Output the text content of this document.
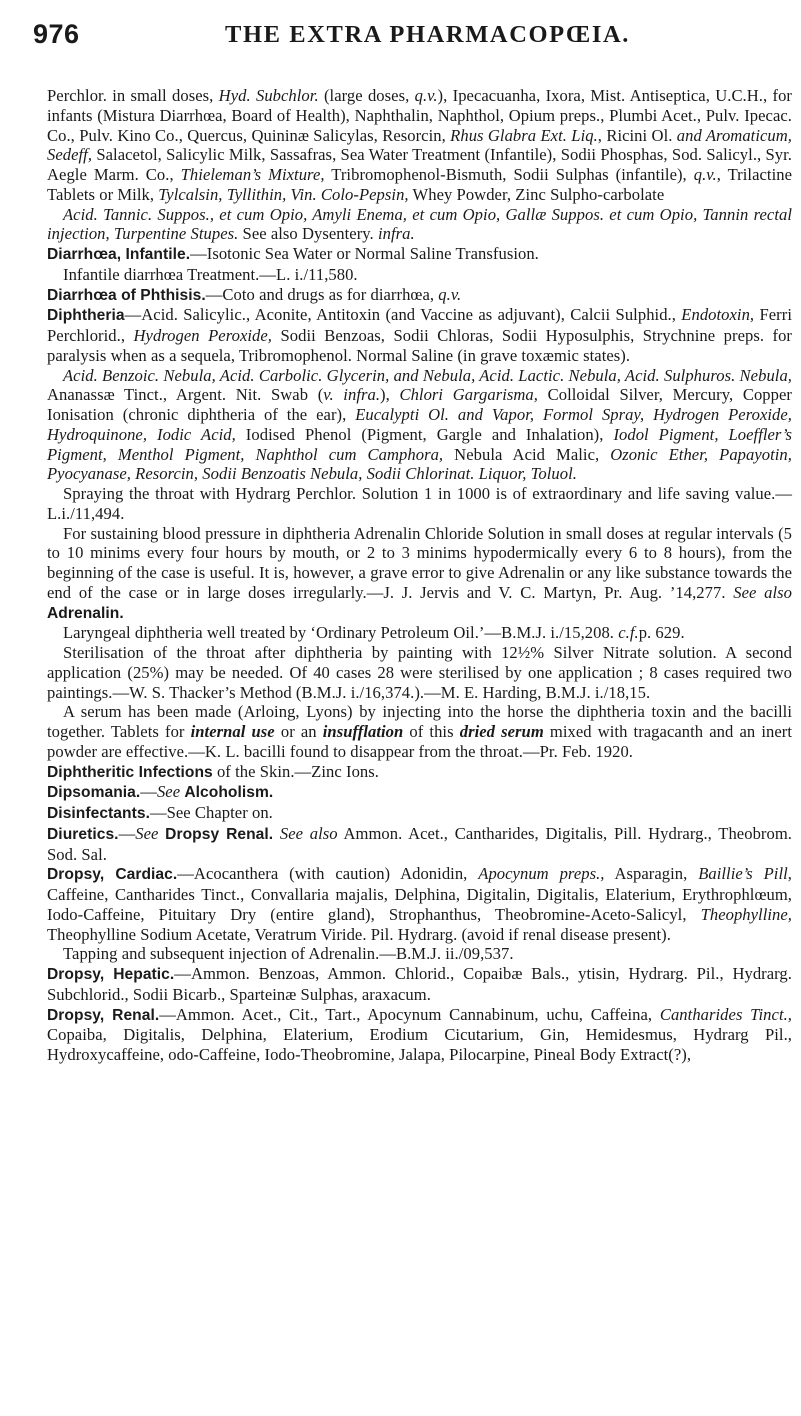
976	THE EXTRA PHARMACOPŒIA.

Perchlor. in small doses, Hyd. Subchlor. (large doses, q.v.), Ipecacuanha, Ixora, Mist. Antiseptica, U.C.H., for infants (Mistura Diarrhœa, Board of Health), Naphthalin, Naphthol, Opium preps., Plumbi Acet., Pulv. Ipecac. Co., Pulv. Kino Co., Quercus, Quininæ Salicylas, Resorcin, Rhus Glabra Ext. Liq., Ricini Ol. and Aromaticum, Sedeff, Salacetol, Salicylic Milk, Sassafras, Sea Water Treatment (Infantile), Sodii Phosphas, Sod. Salicyl., Syr. Aegle Marm. Co., Thieleman’s Mixture, Tribromophenol-Bismuth, Sodii Sulphas (infantile), q.v., Trilactine Tablets or Milk, Tylcalsin, Tyllithin, Vin. Colo-Pepsin, Whey Powder, Zinc Sulpho-carbolate

Acid. Tannic. Suppos., et cum Opio, Amyli Enema, et cum Opio, Gallæ Suppos. et cum Opio, Tannin rectal injection, Turpentine Stupes. See also Dysentery. infra.

Diarrhœa, Infantile.—Isotonic Sea Water or Normal Saline Transfusion.

Infantile diarrhœa Treatment.—L. i./11,580.

Diarrhœa of Phthisis.—Coto and drugs as for diarrhœa, q.v.

Diphtheria—Acid. Salicylic., Aconite, Antitoxin (and Vaccine as adjuvant), Calcii Sulphid., Endotoxin, Ferri Perchlorid., Hydrogen Peroxide, Sodii Benzoas, Sodii Chloras, Sodii Hyposulphis, Strychnine preps. for paralysis when as a sequela, Tribromophenol. Normal Saline (in grave toxæmic states).

Acid. Benzoic. Nebula, Acid. Carbolic. Glycerin, and Nebula, Acid. Lactic. Nebula, Acid. Sulphuros. Nebula, Ananassæ Tinct., Argent. Nit. Swab (v. infra.), Chlori Gargarisma, Colloidal Silver, Mercury, Copper Ionisation (chronic diphtheria of the ear), Eucalypti Ol. and Vapor, Formol Spray, Hydrogen Peroxide, Hydroquinone, Iodic Acid, Iodised Phenol (Pigment, Gargle and Inhalation), Iodol Pigment, Loeffler’s Pigment, Menthol Pigment, Naphthol cum Camphora, Nebula Acid Malic, Ozonic Ether, Papayotin, Pyocyanase, Resorcin, Sodii Benzoatis Nebula, Sodii Chlorinat. Liquor, Toluol.

Spraying the throat with Hydrarg Perchlor. Solution 1 in 1000 is of extraordinary and life saving value.—L.i./11,494.

For sustaining blood pressure in diphtheria Adrenalin Chloride Solution in small doses at regular intervals (5 to 10 minims every four hours by mouth, or 2 to 3 minims hypodermically every 6 to 8 hours), from the beginning of the case is useful. It is, however, a grave error to give Adrenalin or any like substance towards the end of the case or in large doses irregularly.—J. J. Jervis and V. C. Martyn, Pr. Aug. ’14,277. See also Adrenalin.

Laryngeal diphtheria well treated by ‘Ordinary Petroleum Oil.’—B.M.J. i./15,208. c.f.p. 629.

Sterilisation of the throat after diphtheria by painting with 12½% Silver Nitrate solution. A second application (25%) may be needed. Of 40 cases 28 were sterilised by one application ; 8 cases required two paintings.—W. S. Thacker’s Method (B.M.J. i./16,374.).—M. E. Harding, B.M.J. i./18,15.

A serum has been made (Arloing, Lyons) by injecting into the horse the diphtheria toxin and the bacilli together. Tablets for internal use or an insufflation of this dried serum mixed with tragacanth and an inert powder are effective.—K. L. bacilli found to disappear from the throat.—Pr. Feb. 1920.

Diphtheritic Infections of the Skin.—Zinc Ions.

Dipsomania.—See Alcoholism.

Disinfectants.—See Chapter on.

Diuretics.—See Dropsy Renal. See also Ammon. Acet., Cantharides, Digitalis, Pill. Hydrarg., Theobrom. Sod. Sal.

Dropsy, Cardiac.—Acocanthera (with caution) Adonidin, Apocynum preps., Asparagin, Baillie’s Pill, Caffeine, Cantharides Tinct., Convallaria majalis, Delphina, Digitalin, Digitalis, Elaterium, Erythrophlœum, Iodo-Caffeine, Pituitary Dry (entire gland), Strophanthus, Theobromine-Aceto-Salicyl, Theophylline, Theophylline Sodium Acetate, Veratrum Viride. Pil. Hydrarg. (avoid if renal disease present).

Tapping and subsequent injection of Adrenalin.—B.M.J. ii./09,537.

Dropsy, Hepatic.—Ammon. Benzoas, Ammon. Chlorid., Copaibæ Bals., ytisin, Hydrarg. Pil., Hydrarg. Subchlorid., Sodii Bicarb., Sparteinæ Sulphas, araxacum.

Dropsy, Renal.—Ammon. Acet., Cit., Tart., Apocynum Cannabinum, uchu, Caffeina, Cantharides Tinct., Copaiba, Digitalis, Delphina, Elaterium, Erodium Cicutarium, Gin, Hemidesmus, Hydrarg Pil., Hydroxycaffeine, odo-Caffeine, Iodo-Theobromine, Jalapa, Pilocarpine, Pineal Body Extract(?),
